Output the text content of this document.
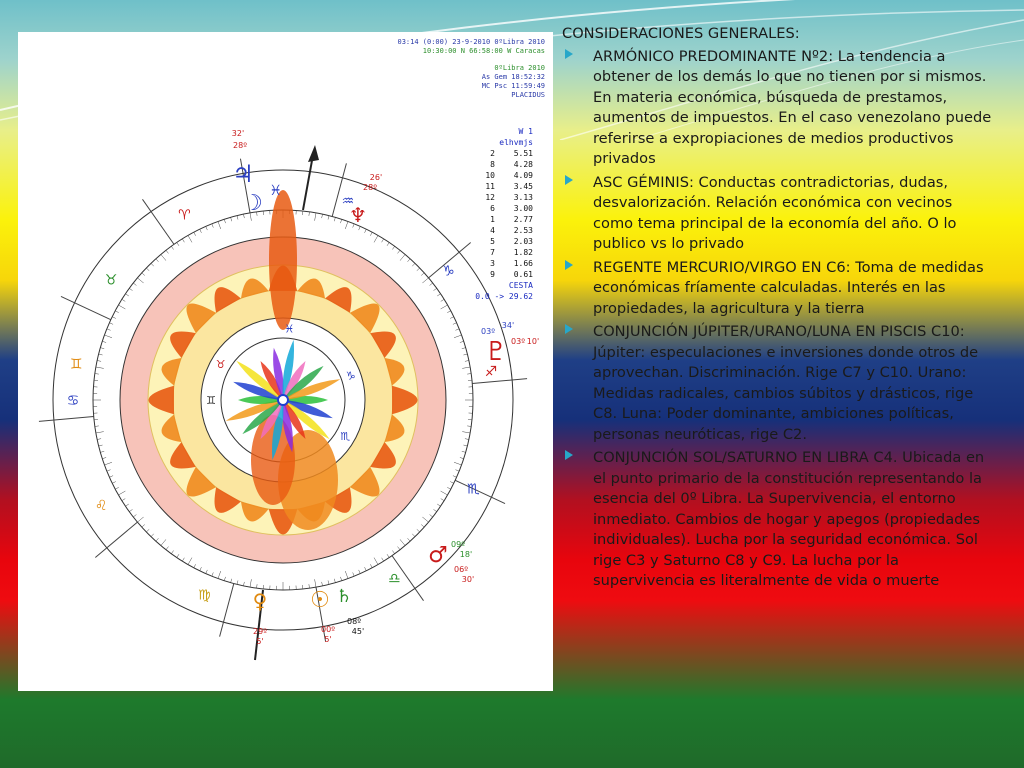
♈
♓
♒
♑
♐
♏
♎
♍
♌
♋
♊
♉
♓
♉
♊
♑
♏
♃
32'
28º
☽	♆
26'
28º
♇
03º
34'
03º 10'
♂ 09º
18'
06º
30'
☉ ♄
08º
45'
00º
5'
♀
29º
5'
03:14 (0:00) 23-9-2010 0ºLibra 2010
10:30:00 N 66:58:00 W Caracas
0ºLibra 2010
As Gem 18:52:32
MC Psc 11:59:49
PLACIDUS
W 1
elhvmjs
2	5.51
8	4.28
10	4.09
11	3.45
12	3.13
6	3.00
1	2.77
4	2.53
5	2.03
7	1.82
3	1.66
9	0.61
CESTA
0.0 -> 29.62
CONSIDERACIONES GENERALES:
ARMÓNICO PREDOMINANTE Nº2: La tendencia a obtener de los demás lo que no tienen por si mismos. En materia económica, búsqueda de prestamos, aumentos de impuestos. En el caso venezolano puede referirse a expropiaciones de medios productivos privados
ASC GÉMINIS: Conductas contradictorias, dudas, desvalorización. Relación económica con vecinos como tema principal de la economía del año. O lo publico vs lo privado
REGENTE MERCURIO/VIRGO EN C6: Toma de medidas económicas fríamente calculadas. Interés en las propiedades, la agricultura y la tierra
CONJUNCIÓN JÚPITER/URANO/LUNA EN PISCIS C10: Júpiter: especulaciones e inversiones donde otros de aprovechan. Discriminación. Rige C7 y C10. Urano: Medidas radicales, cambios súbitos y drásticos, rige C8. Luna: Poder dominante, ambiciones políticas, personas neuróticas, rige C2.
CONJUNCIÓN SOL/SATURNO EN LIBRA C4. Ubicada en el punto primario de la constitución representando la esencia del 0º Libra. La Supervivencia, el entorno inmediato. Cambios de hogar y apegos (propiedades individuales). Lucha por la seguridad económica. Sol rige C3 y Saturno C8 y C9. La lucha por la supervivencia es literalmente de vida o muerte
